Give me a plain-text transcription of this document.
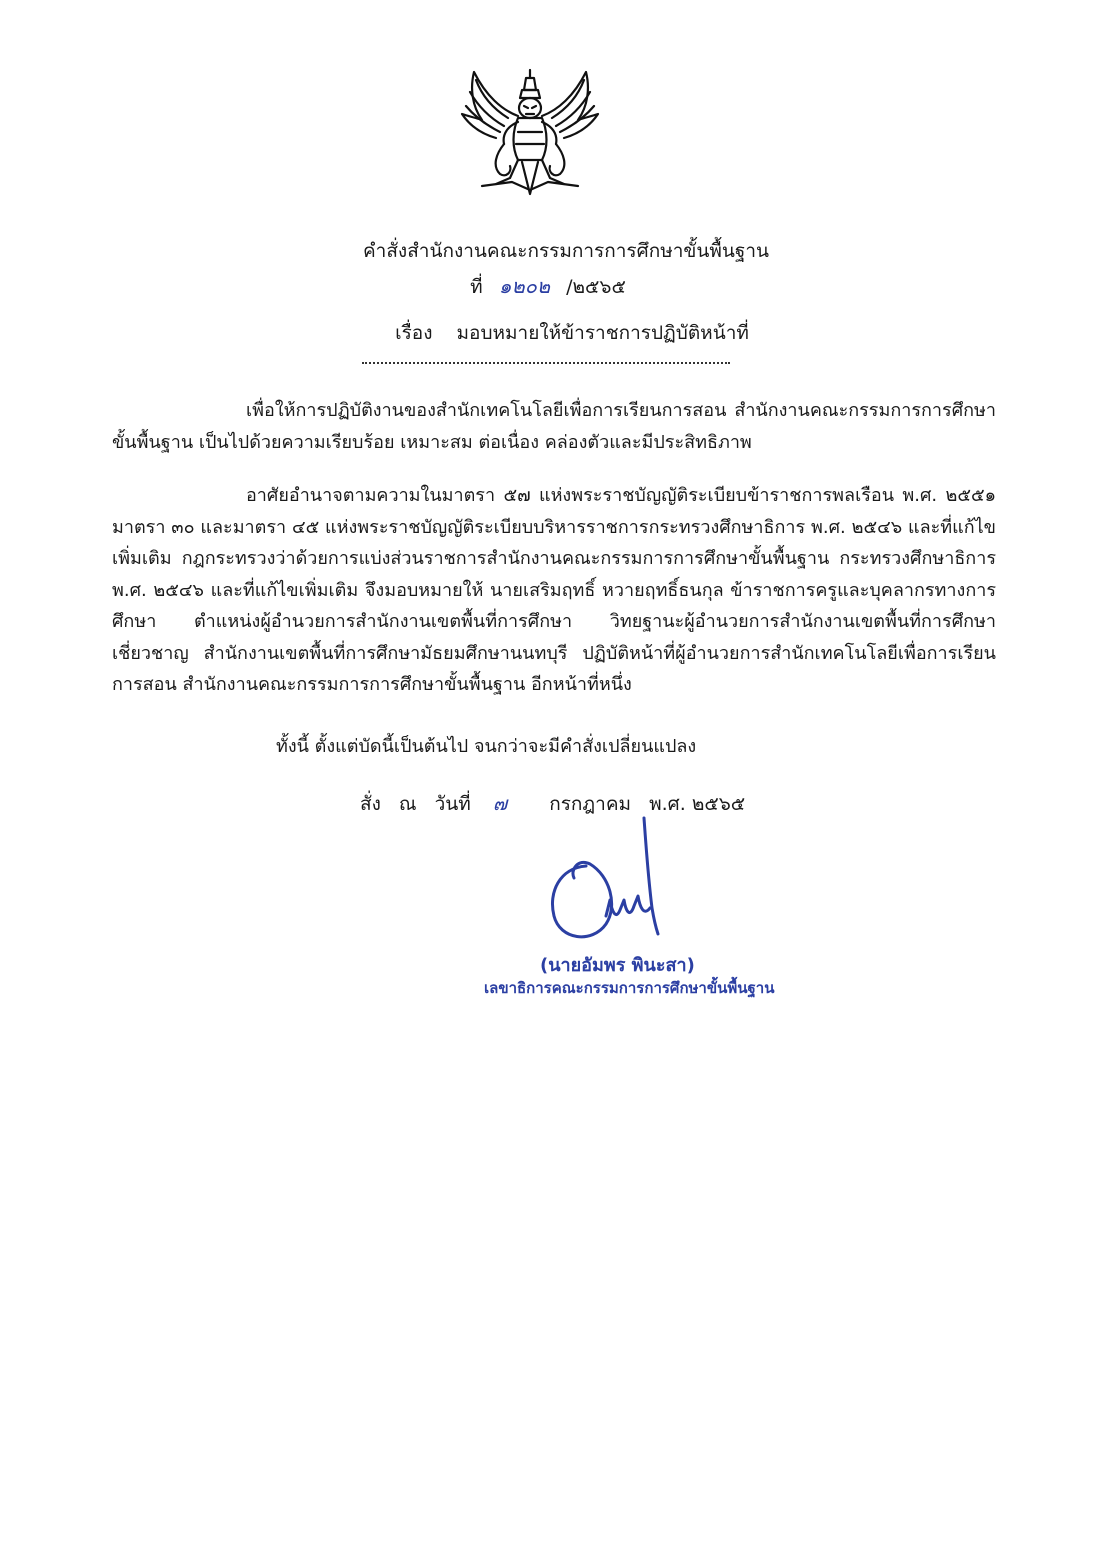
คำสั่งสำนักงานคณะกรรมการการศึกษาขั้นพื้นฐาน
ที่ ๑๒๐๒ /๒๕๖๕
เรื่อง มอบหมายให้ข้าราชการปฏิบัติหน้าที่
เพื่อให้การปฏิบัติงานของสำนักเทคโนโลยีเพื่อการเรียนการสอน สำนักงานคณะกรรมการการศึกษาขั้นพื้นฐาน เป็นไปด้วยความเรียบร้อย เหมาะสม ต่อเนื่อง คล่องตัวและมีประสิทธิภาพ
อาศัยอำนาจตามความในมาตรา ๕๗ แห่งพระราชบัญญัติระเบียบข้าราชการพลเรือน พ.ศ. ๒๕๕๑ มาตรา ๓๐ และมาตรา ๔๕ แห่งพระราชบัญญัติระเบียบบริหารราชการกระทรวงศึกษาธิการ พ.ศ. ๒๕๔๖ และที่แก้ไขเพิ่มเติม กฎกระทรวงว่าด้วยการแบ่งส่วนราชการสำนักงานคณะกรรมการการศึกษาขั้นพื้นฐาน กระทรวงศึกษาธิการ พ.ศ. ๒๕๔๖ และที่แก้ไขเพิ่มเติม จึงมอบหมายให้ นายเสริมฤทธิ์ หวายฤทธิ์ธนกุล ข้าราชการครูและบุคลากรทางการศึกษา ตำแหน่งผู้อำนวยการสำนักงานเขตพื้นที่การศึกษา วิทยฐานะผู้อำนวยการสำนักงานเขตพื้นที่การศึกษาเชี่ยวชาญ สำนักงานเขตพื้นที่การศึกษามัธยมศึกษานนทบุรี ปฏิบัติหน้าที่ผู้อำนวยการสำนักเทคโนโลยีเพื่อการเรียนการสอน สำนักงานคณะกรรมการการศึกษาขั้นพื้นฐาน อีกหน้าที่หนึ่ง
ทั้งนี้ ตั้งแต่บัดนี้เป็นต้นไป จนกว่าจะมีคำสั่งเปลี่ยนแปลง
สั่ง ณ วันที่ ๗ กรกฎาคม พ.ศ. ๒๕๖๕
(นายอัมพร พินะสา)
เลขาธิการคณะกรรมการการศึกษาขั้นพื้นฐาน
